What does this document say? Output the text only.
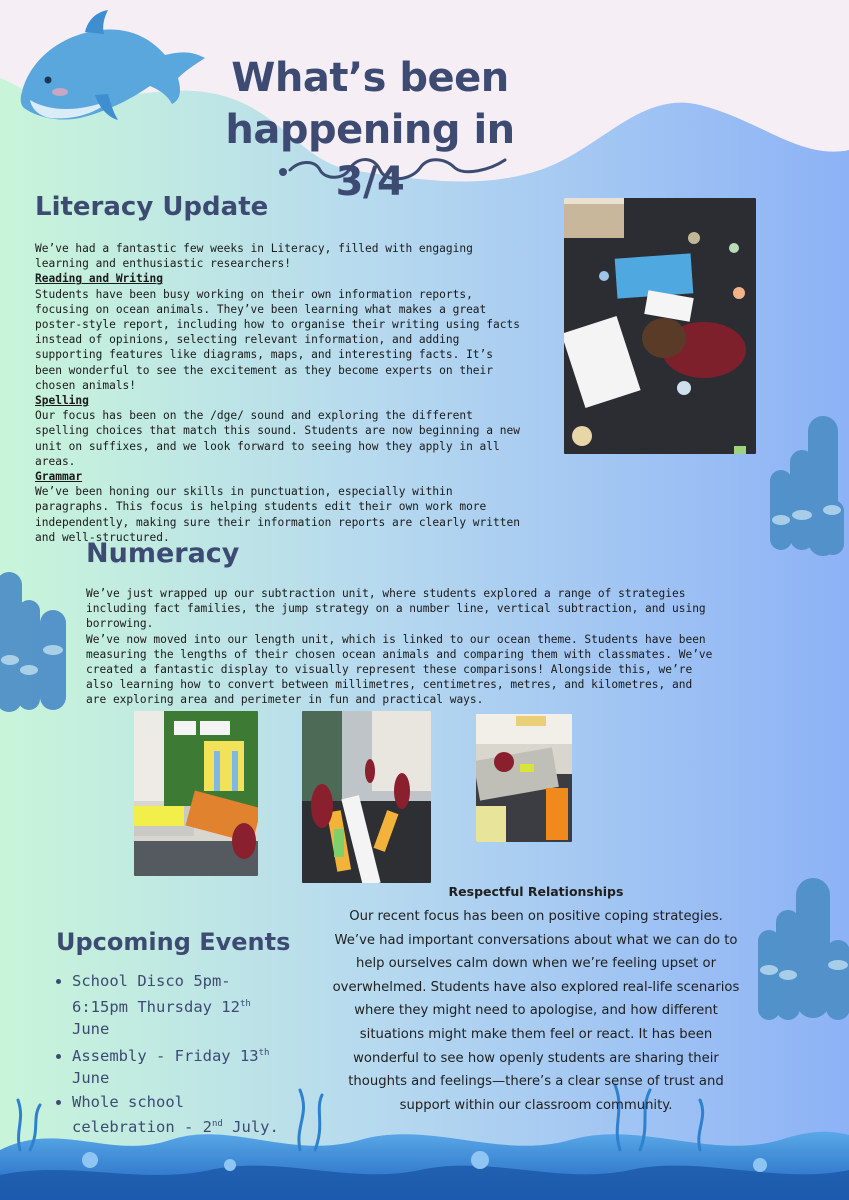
What’s been
happening in 3/4
Literacy Update

We’ve had a fantastic few weeks in Literacy, filled with engaging learning and enthusiastic researchers!

Reading and Writing

Students have been busy working on their own information reports, focusing on ocean animals. They’ve been learning what makes a great poster-style report, including how to organise their writing using facts instead of opinions, selecting relevant information, and adding supporting features like diagrams, maps, and interesting facts. It’s been wonderful to see the excitement as they become experts on their chosen animals!

Spelling

Our focus has been on the /dge/ sound and exploring the different spelling choices that match this sound. Students are now beginning a new unit on suffixes, and we look forward to seeing how they apply in all areas.

Grammar

We’ve been honing our skills in punctuation, especially within paragraphs. This focus is helping students edit their own work more independently, making sure their information reports are clearly written and well-structured.

Numeracy

We’ve just wrapped up our subtraction unit, where students explored a range of strategies including fact families, the jump strategy on a number line, vertical subtraction, and using borrowing.

We’ve now moved into our length unit, which is linked to our ocean theme. Students have been measuring the lengths of their chosen ocean animals and comparing them with classmates. We’ve created a fantastic display to visually represent these comparisons! Alongside this, we’re also learning how to convert between millimetres, centimetres, metres, and kilometres, and are exploring area and perimeter in fun and practical ways.

Upcoming Events
• School Disco 5pm-6:15pm Thursday 12th June
• Assembly - Friday 13th June
• Whole school celebration - 2nd July.
Respectful Relationships
Our recent focus has been on positive coping strategies. We’ve had important conversations about what we can do to help ourselves calm down when we’re feeling upset or overwhelmed. Students have also explored real-life scenarios where they might need to apologise, and how different situations might make them feel or react. It has been wonderful to see how openly students are sharing their thoughts and feelings—there’s a clear sense of trust and support within our classroom community.
